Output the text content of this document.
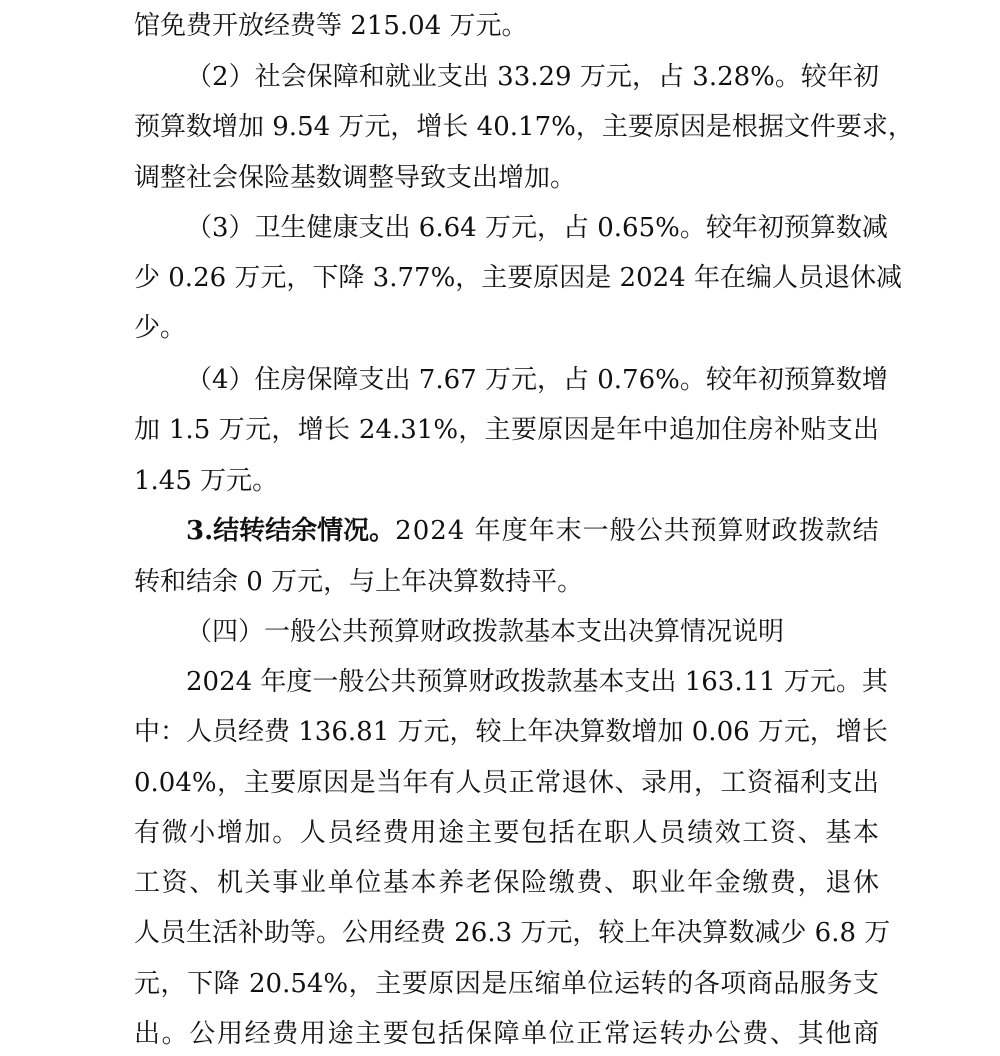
馆免费开放经费等 215.04 万元。
（2）社会保障和就业支出 33.29 万元，占 3.28%。较年初
预算数增加 9.54 万元，增长 40.17%，主要原因是根据文件要求，
调整社会保险基数调整导致支出增加。
（3）卫生健康支出 6.64 万元，占 0.65%。较年初预算数减
少 0.26 万元，下降 3.77%，主要原因是 2024 年在编人员退休减
少。
（4）住房保障支出 7.67 万元，占 0.76%。较年初预算数增
加 1.5 万元，增长 24.31%，主要原因是年中追加住房补贴支出
1.45 万元。
3.结转结余情况。 2024 年度年末一般公共预算财政拨款结
转和结余 0 万元，与上年决算数持平。
（四）一般公共预算财政拨款基本支出决算情况说明
2024 年度一般公共预算财政拨款基本支出 163.11 万元。其
中：人员经费 136.81 万元，较上年决算数增加 0.06 万元，增长
0.04%，主要原因是当年有人员正常退休、录用，工资福利支出
有微小增加。人员经费用途主要包括在职人员绩效工资、基本
工资、机关事业单位基本养老保险缴费、职业年金缴费，退休
人员生活补助等。公用经费 26.3 万元，较上年决算数减少 6.8 万
元，下降 20.54%，主要原因是压缩单位运转的各项商品服务支
出。公用经费用途主要包括保障单位正常运转办公费、其他商
